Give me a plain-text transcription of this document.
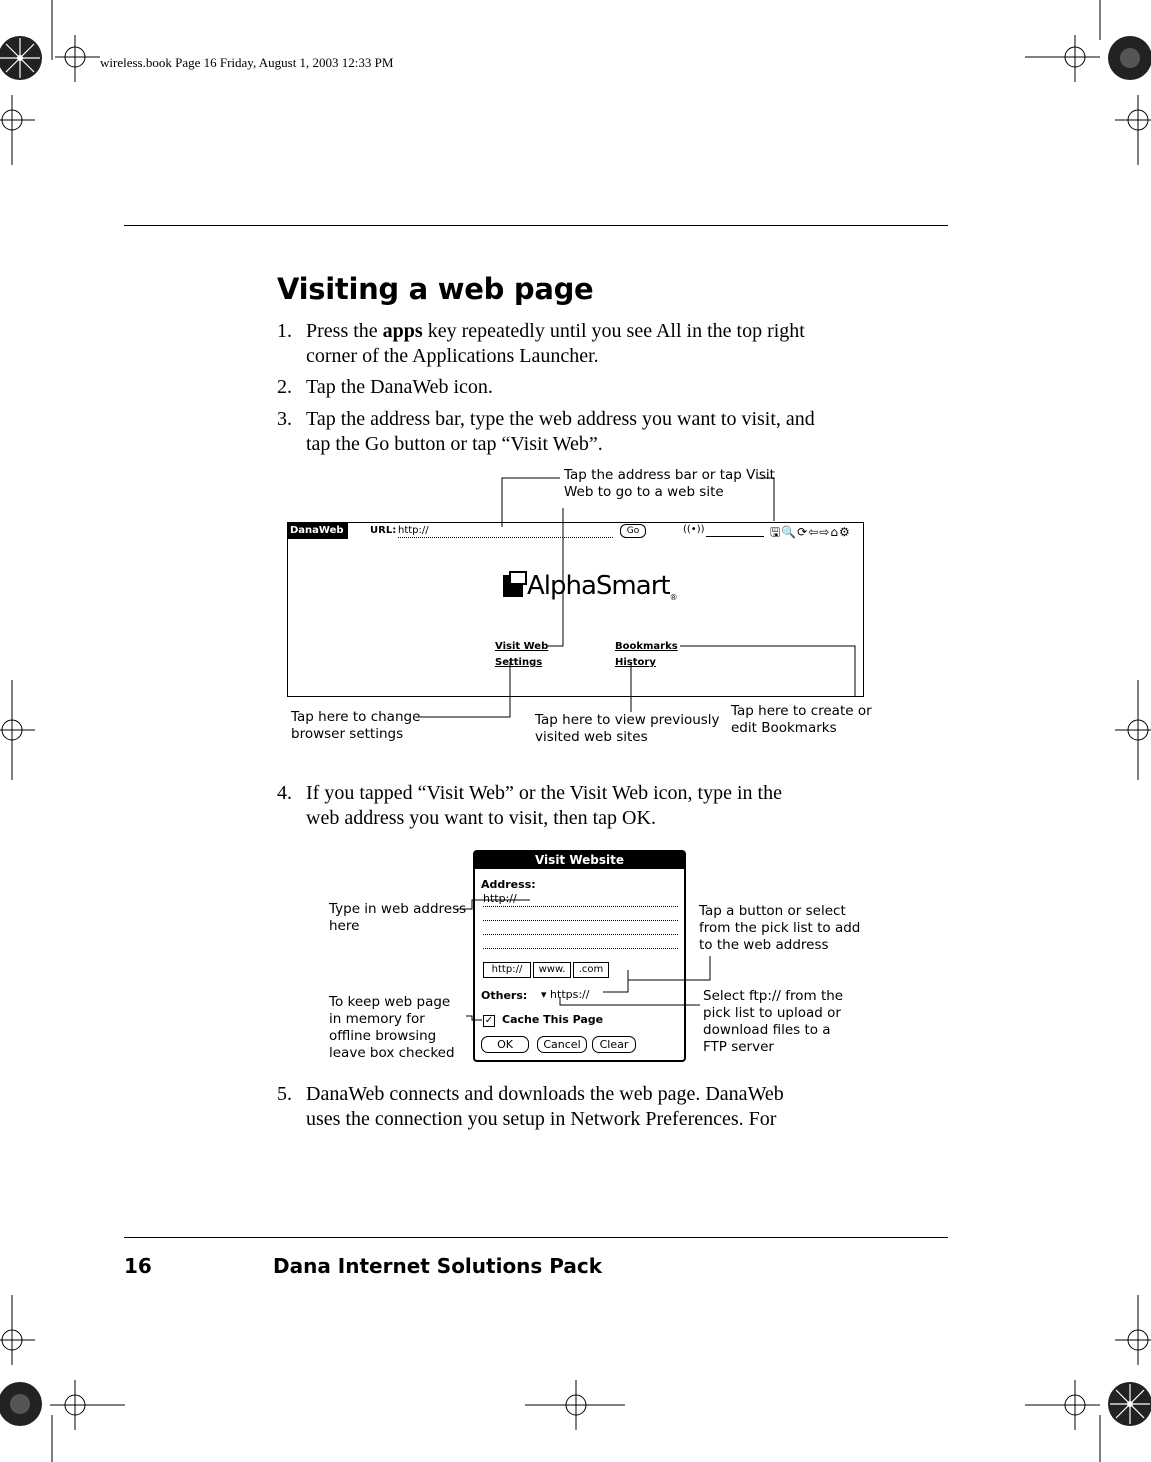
wireless.book Page 16 Friday, August 1, 2003 12:33 PM
Visiting a web page
1. Press the apps key repeatedly until you see All in the top right
corner of the Applications Launcher.
2. Tap the DanaWeb icon.
3. Tap the address bar, type the web address you want to visit, and
tap the Go button or tap “Visit Web”.
DanaWeb	URL: http://	Go	((•))	🖫🔍⟳⇦⇨⌂⚙
AlphaSmart$_®$
Visit Web
Settings
Bookmarks
History
Tap the address bar or tap Visit
Web to go to a web site
Tap here to change
browser settings
Tap here to view previously
visited web sites
Tap here to create or
edit Bookmarks
4. If you tapped “Visit Web” or the Visit Web icon, type in the
web address you want to visit, then tap OK.
Visit Website
Address:
http://
http://	www.	.com
Others: ▾ https://
✓ Cache This Page
OK	Cancel	Clear
Type in web address
here
Tap a button or select
from the pick list to add
to the web address
To keep web page
in memory for
offline browsing
leave box checked
Select ftp:// from the
pick list to upload or
download files to a
FTP server
5. DanaWeb connects and downloads the web page. DanaWeb
uses the connection you setup in Network Preferences. For
16	Dana Internet Solutions Pack
